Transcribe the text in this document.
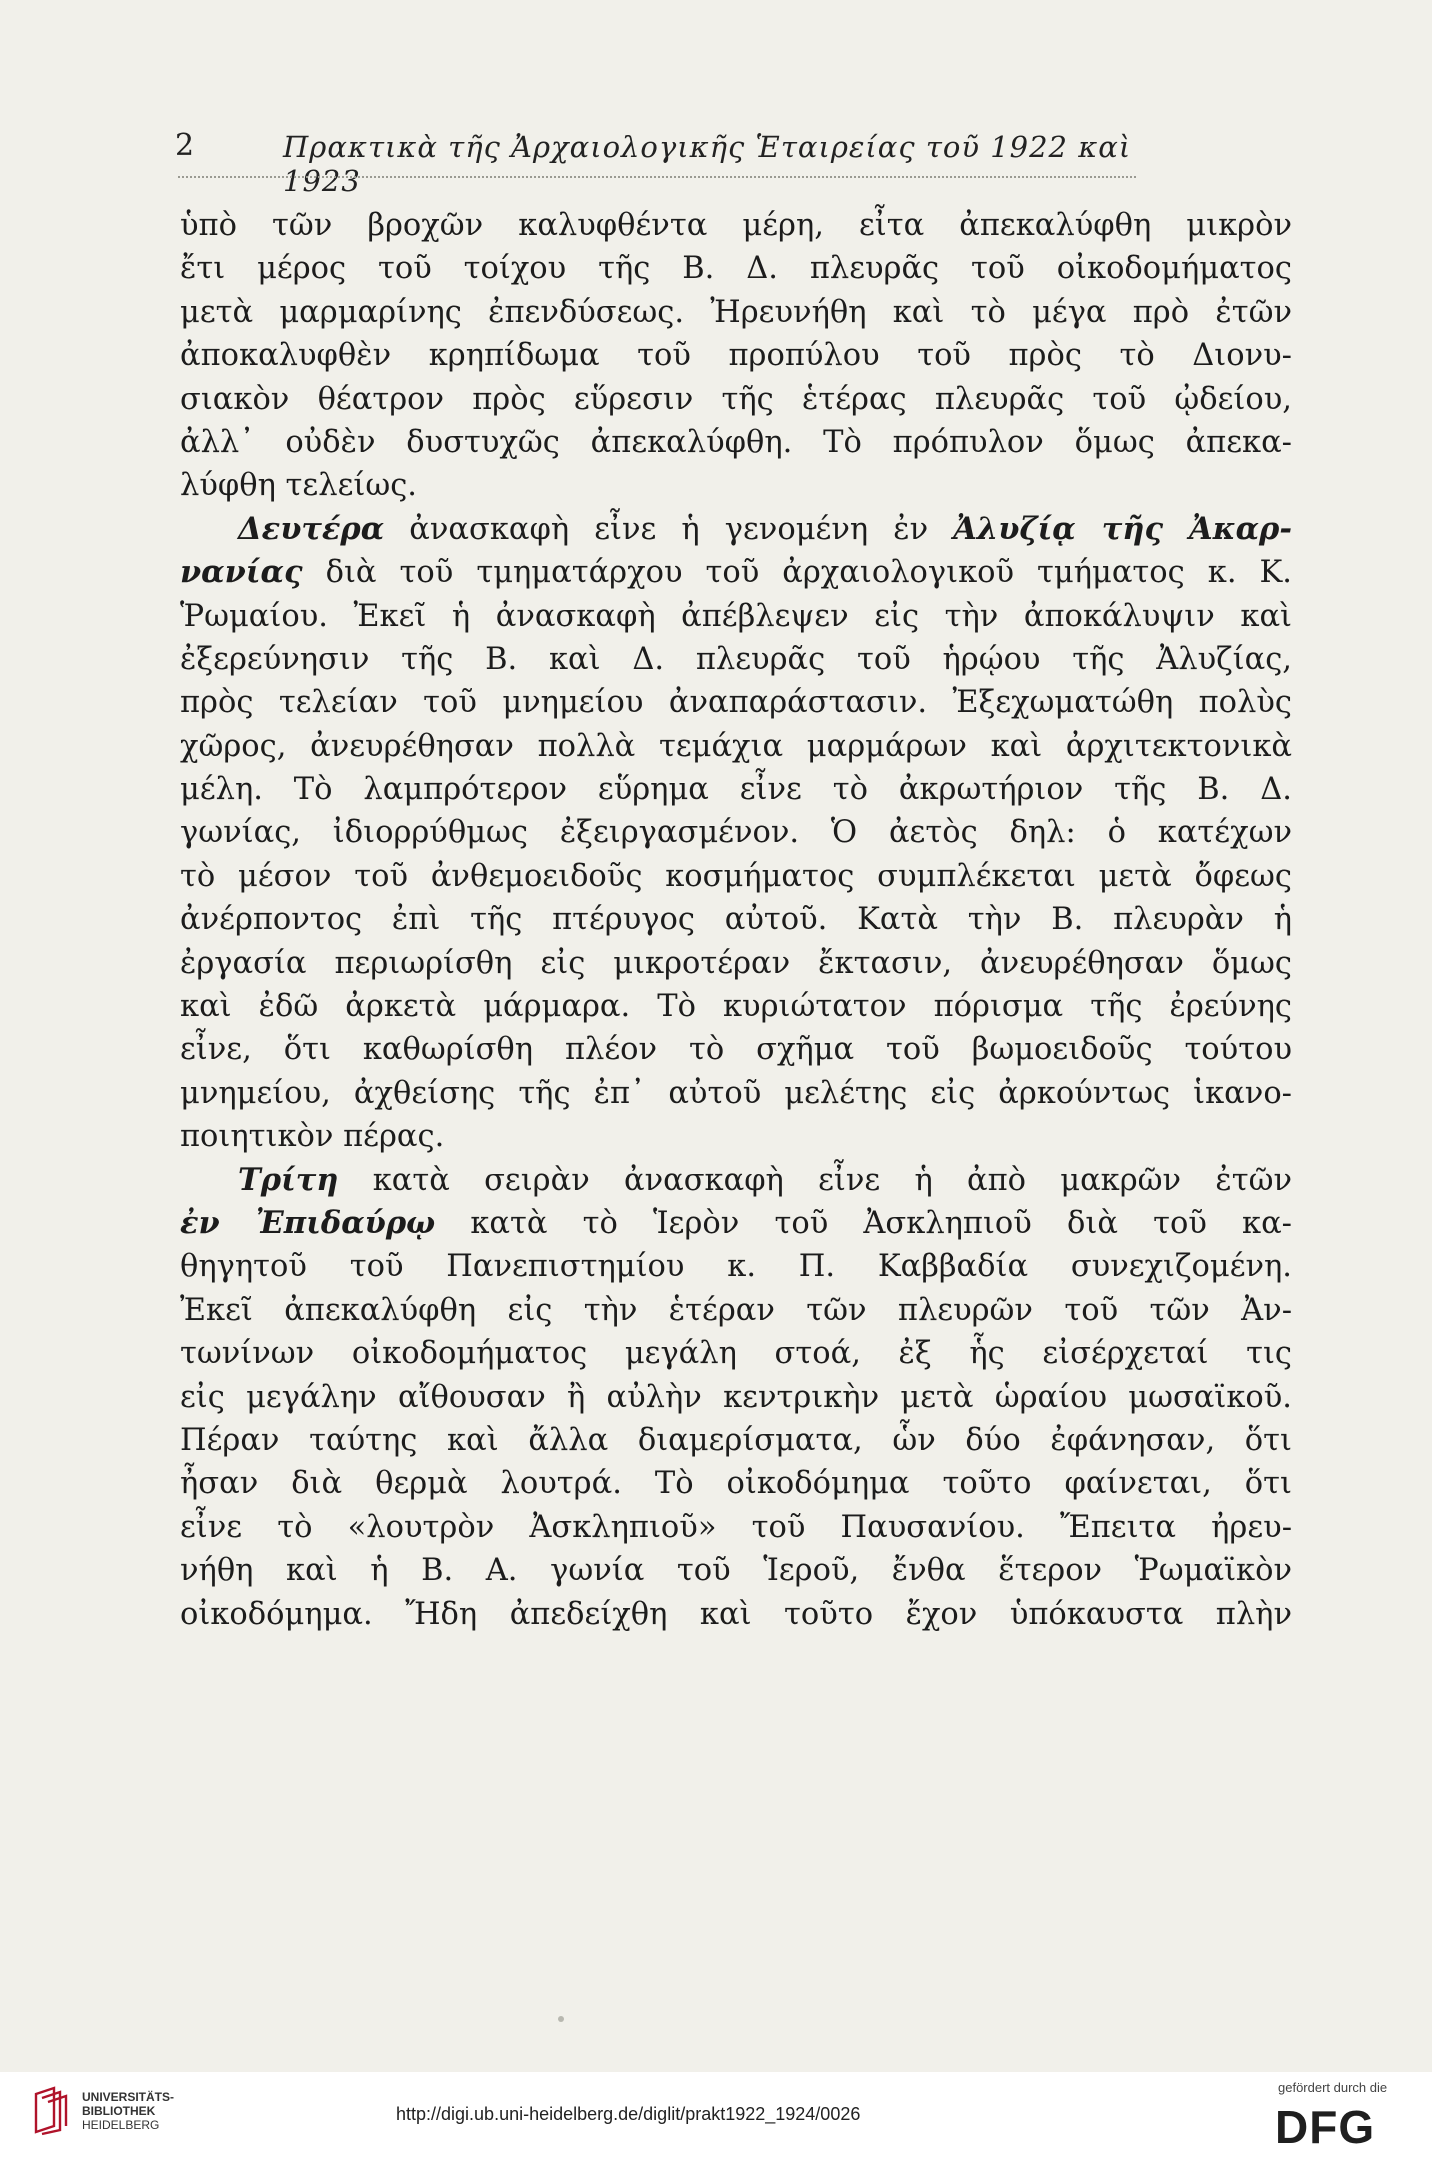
2	Πρακτικὰ τῆς Ἀρχαιολογικῆς Ἑταιρείας τοῦ 1922 καὶ 1923
ὑπὸ τῶν βροχῶν καλυφθέντα μέρη, εἶτα ἀπεκαλύφθη μικρὸν
ἔτι μέρος τοῦ τοίχου τῆς Β. Δ. πλευρᾶς τοῦ οἰκοδομήματος
μετὰ μαρμαρίνης ἐπενδύσεως. Ἠρευνήθη καὶ τὸ μέγα πρὸ ἐτῶν
ἀποκαλυφθὲν κρηπίδωμα τοῦ προπύλου τοῦ πρὸς τὸ Διονυ-
σιακὸν θέατρον πρὸς εὕρεσιν τῆς ἑτέρας πλευρᾶς τοῦ ᾠδείου,
ἀλλ᾽ οὐδὲν δυστυχῶς ἀπεκαλύφθη. Τὸ πρόπυλον ὅμως ἀπεκα-
λύφθη τελείως.
Δευτέρα ἀνασκαφὴ εἶνε ἡ γενομένη ἐν Ἀλυζίᾳ τῆς Ἀκαρ-
νανίας διὰ τοῦ τμηματάρχου τοῦ ἀρχαιολογικοῦ τμήματος κ. Κ.
Ῥωμαίου. Ἐκεῖ ἡ ἀνασκαφὴ ἀπέβλεψεν εἰς τὴν ἀποκάλυψιν καὶ
ἐξερεύνησιν τῆς Β. καὶ Δ. πλευρᾶς τοῦ ἡρῴου τῆς Ἀλυζίας,
πρὸς τελείαν τοῦ μνημείου ἀναπαράστασιν. Ἐξεχωματώθη πολὺς
χῶρος, ἀνευρέθησαν πολλὰ τεμάχια μαρμάρων καὶ ἀρχιτεκτονικὰ
μέλη. Τὸ λαμπρότερον εὕρημα εἶνε τὸ ἀκρωτήριον τῆς Β. Δ.
γωνίας, ἰδιορρύθμως ἐξειργασμένον. Ὁ ἀετὸς δηλ: ὁ κατέχων
τὸ μέσον τοῦ ἀνθεμοειδοῦς κοσμήματος συμπλέκεται μετὰ ὄφεως
ἀνέρποντος ἐπὶ τῆς πτέρυγος αὐτοῦ. Κατὰ τὴν Β. πλευρὰν ἡ
ἐργασία περιωρίσθη εἰς μικροτέραν ἔκτασιν, ἀνευρέθησαν ὅμως
καὶ ἐδῶ ἀρκετὰ μάρμαρα. Τὸ κυριώτατον πόρισμα τῆς ἐρεύνης
εἶνε, ὅτι καθωρίσθη πλέον τὸ σχῆμα τοῦ βωμοειδοῦς τούτου
μνημείου, ἀχθείσης τῆς ἐπ᾽ αὐτοῦ μελέτης εἰς ἀρκούντως ἱκανο-
ποιητικὸν πέρας.
Τρίτη κατὰ σειρὰν ἀνασκαφὴ εἶνε ἡ ἀπὸ μακρῶν ἐτῶν
ἐν Ἐπιδαύρῳ κατὰ τὸ Ἱερὸν τοῦ Ἀσκληπιοῦ διὰ τοῦ κα-
θηγητοῦ τοῦ Πανεπιστημίου κ. Π. Καββαδία συνεχιζομένη.
Ἐκεῖ ἀπεκαλύφθη εἰς τὴν ἑτέραν τῶν πλευρῶν τοῦ τῶν Ἀν-
τωνίνων οἰκοδομήματος μεγάλη στοά, ἐξ ἧς εἰσέρχεταί τις
εἰς μεγάλην αἴθουσαν ἢ αὐλὴν κεντρικὴν μετὰ ὡραίου μωσαϊκοῦ.
Πέραν ταύτης καὶ ἄλλα διαμερίσματα, ὧν δύο ἐφάνησαν, ὅτι
ἦσαν διὰ θερμὰ λουτρά. Τὸ οἰκοδόμημα τοῦτο φαίνεται, ὅτι
εἶνε τὸ «λουτρὸν Ἀσκληπιοῦ» τοῦ Παυσανίου. Ἔπειτα ἠρευ-
νήθη καὶ ἡ Β. Α. γωνία τοῦ Ἱεροῦ, ἔνθα ἕτερον Ῥωμαϊκὸν
οἰκοδόμημα. Ἤδη ἀπεδείχθη καὶ τοῦτο ἔχον ὑπόκαυστα πλὴν
UNIVERSITÄTS-
BIBLIOTHEK
HEIDELBERG
http://digi.ub.uni-heidelberg.de/diglit/prakt1922_1924/0026
gefördert durch die
DFG
